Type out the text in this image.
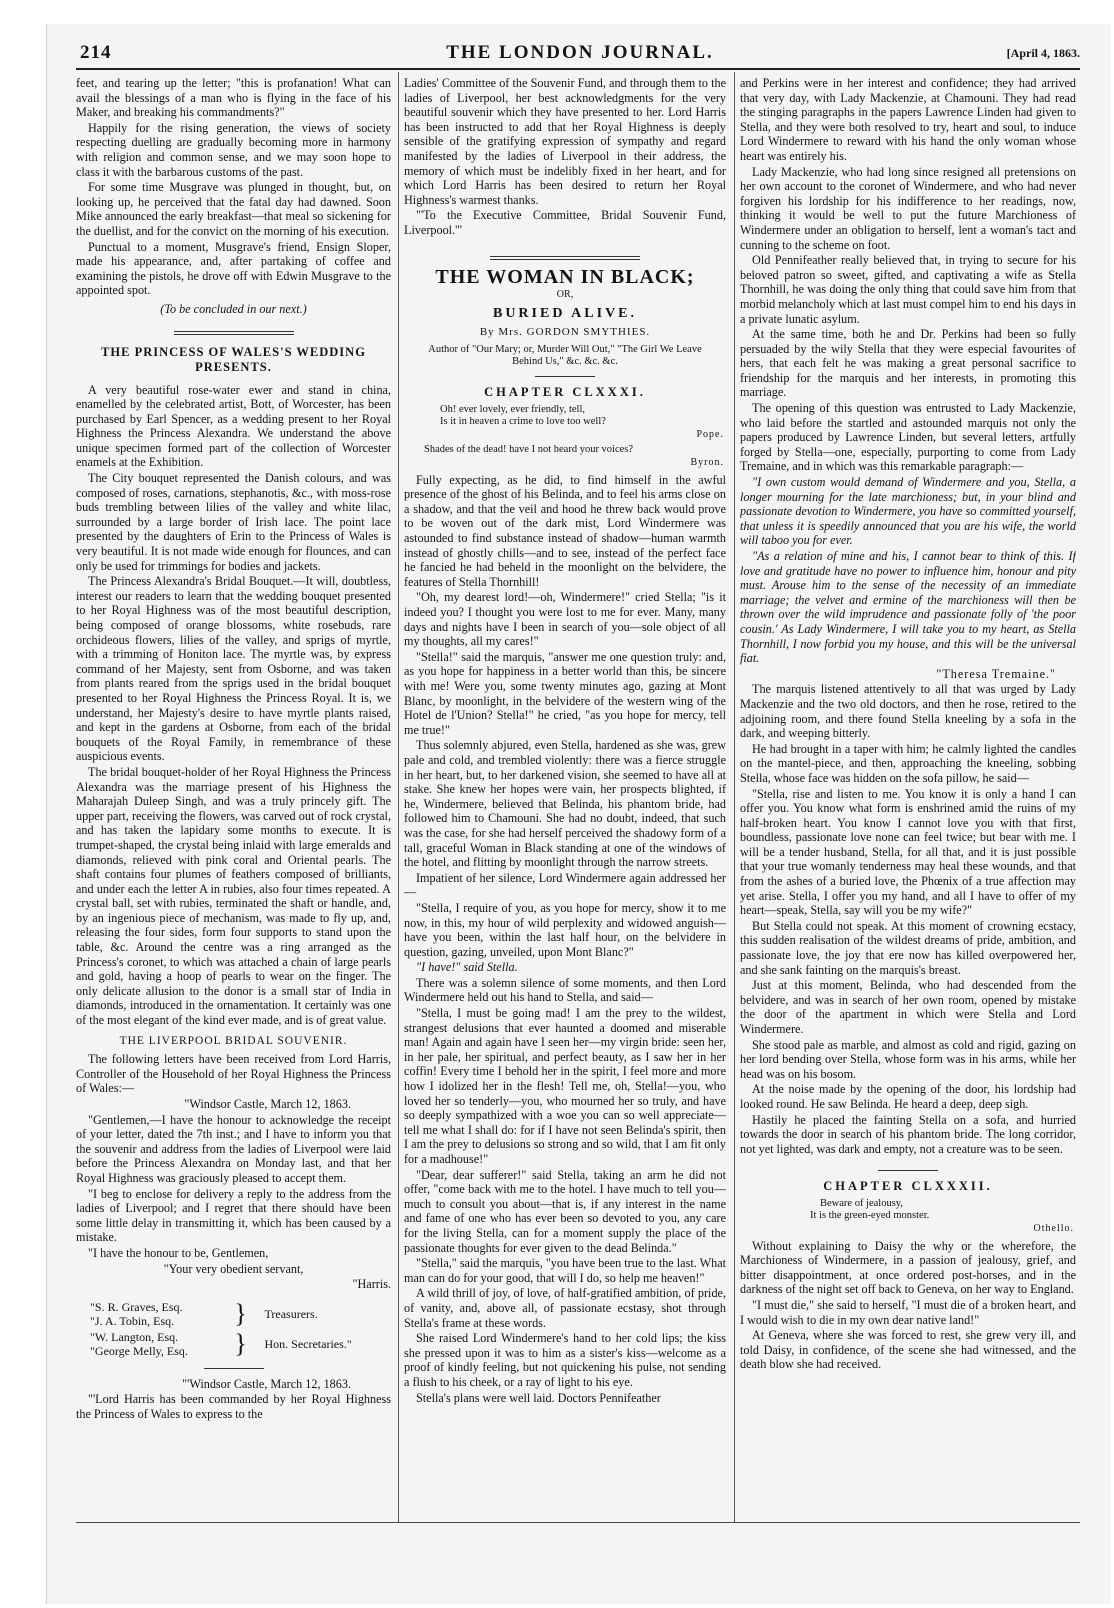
214	THE LONDON JOURNAL.	[April 4, 1863.

feet, and tearing up the letter; "this is profanation! What can avail the blessings of a man who is flying in the face of his Maker, and breaking his commandments?"

Happily for the rising generation, the views of society respecting duelling are gradually becoming more in harmony with religion and common sense, and we may soon hope to class it with the barbarous customs of the past.

For some time Musgrave was plunged in thought, but, on looking up, he perceived that the fatal day had dawned. Soon Mike announced the early breakfast—that meal so sickening for the duellist, and for the convict on the morning of his execution.

Punctual to a moment, Musgrave's friend, Ensign Sloper, made his appearance, and, after partaking of coffee and examining the pistols, he drove off with Edwin Musgrave to the appointed spot.

(To be concluded in our next.)

THE PRINCESS OF WALES'S WEDDING PRESENTS.

A very beautiful rose-water ewer and stand in china, enamelled by the celebrated artist, Bott, of Worcester, has been purchased by Earl Spencer, as a wedding present to her Royal Highness the Princess Alexandra. We understand the above unique specimen formed part of the collection of Worcester enamels at the Exhibition.

The City bouquet represented the Danish colours, and was composed of roses, carnations, stephanotis, &c., with moss-rose buds trembling between lilies of the valley and white lilac, surrounded by a large border of Irish lace. The point lace presented by the daughters of Erin to the Princess of Wales is very beautiful. It is not made wide enough for flounces, and can only be used for trimmings for bodies and jackets.

The Princess Alexandra's Bridal Bouquet.—It will, doubtless, interest our readers to learn that the wedding bouquet presented to her Royal Highness was of the most beautiful description, being composed of orange blossoms, white rosebuds, rare orchideous flowers, lilies of the valley, and sprigs of myrtle, with a trimming of Honiton lace. The myrtle was, by express command of her Majesty, sent from Osborne, and was taken from plants reared from the sprigs used in the bridal bouquet presented to her Royal Highness the Princess Royal. It is, we understand, her Majesty's desire to have myrtle plants raised, and kept in the gardens at Osborne, from each of the bridal bouquets of the Royal Family, in remembrance of these auspicious events.

The bridal bouquet-holder of her Royal Highness the Princess Alexandra was the marriage present of his Highness the Maharajah Duleep Singh, and was a truly princely gift. The upper part, receiving the flowers, was carved out of rock crystal, and has taken the lapidary some months to execute. It is trumpet-shaped, the crystal being inlaid with large emeralds and diamonds, relieved with pink coral and Oriental pearls. The shaft contains four plumes of feathers composed of brilliants, and under each the letter A in rubies, also four times repeated. A crystal ball, set with rubies, terminated the shaft or handle, and, by an ingenious piece of mechanism, was made to fly up, and, releasing the four sides, form four supports to stand upon the table, &c. Around the centre was a ring arranged as the Princess's coronet, to which was attached a chain of large pearls and gold, having a hoop of pearls to wear on the finger. The only delicate allusion to the donor is a small star of India in diamonds, introduced in the ornamentation. It certainly was one of the most elegant of the kind ever made, and is of great value.

THE LIVERPOOL BRIDAL SOUVENIR.

The following letters have been received from Lord Harris, Controller of the Household of her Royal Highness the Princess of Wales:—

"Windsor Castle, March 12, 1863.

"Gentlemen,—I have the honour to acknowledge the receipt of your letter, dated the 7th inst.; and I have to inform you that the souvenir and address from the ladies of Liverpool were laid before the Princess Alexandra on Monday last, and that her Royal Highness was graciously pleased to accept them.

"I beg to enclose for delivery a reply to the address from the ladies of Liverpool; and I regret that there should have been some little delay in transmitting it, which has been caused by a mistake.

"I have the honour to be, Gentlemen,

"Your very obedient servant,

"Harris.

"S. R. Graves, Esq.
"J. A. Tobin, Esq.	}	Treasurers.

"W. Langton, Esq.
"George Melly, Esq.	}	Hon. Secretaries."

"'Windsor Castle, March 12, 1863.

"'Lord Harris has been commanded by her Royal Highness the Princess of Wales to express to the

Ladies' Committee of the Souvenir Fund, and through them to the ladies of Liverpool, her best acknowledgments for the very beautiful souvenir which they have presented to her. Lord Harris has been instructed to add that her Royal Highness is deeply sensible of the gratifying expression of sympathy and regard manifested by the ladies of Liverpool in their address, the memory of which must be indelibly fixed in her heart, and for which Lord Harris has been desired to return her Royal Highness's warmest thanks.

"'To the Executive Committee, Bridal Souvenir Fund, Liverpool.'"

THE WOMAN IN BLACK;
OR,
BURIED ALIVE.
By Mrs. GORDON SMYTHIES.
Author of "Our Mary; or, Murder Will Out," "The Girl We Leave Behind Us," &c. &c. &c.
CHAPTER CLXXXI.
Oh! ever lovely, ever friendly, tell,
Is it in heaven a crime to love too well?
Pope.
Shades of the dead! have I not heard your voices?
Byron.

Fully expecting, as he did, to find himself in the awful presence of the ghost of his Belinda, and to feel his arms close on a shadow, and that the veil and hood he threw back would prove to be woven out of the dark mist, Lord Windermere was astounded to find substance instead of shadow—human warmth instead of ghostly chills—and to see, instead of the perfect face he fancied he had beheld in the moonlight on the belvidere, the features of Stella Thornhill!

"Oh, my dearest lord!—oh, Windermere!" cried Stella; "is it indeed you? I thought you were lost to me for ever. Many, many days and nights have I been in search of you—sole object of all my thoughts, all my cares!"

"Stella!" said the marquis, "answer me one question truly: and, as you hope for happiness in a better world than this, be sincere with me! Were you, some twenty minutes ago, gazing at Mont Blanc, by moonlight, in the belvidere of the western wing of the Hotel de l'Union? Stella!" he cried, "as you hope for mercy, tell me true!"

Thus solemnly abjured, even Stella, hardened as she was, grew pale and cold, and trembled violently: there was a fierce struggle in her heart, but, to her darkened vision, she seemed to have all at stake. She knew her hopes were vain, her prospects blighted, if he, Windermere, believed that Belinda, his phantom bride, had followed him to Chamouni. She had no doubt, indeed, that such was the case, for she had herself perceived the shadowy form of a tall, graceful Woman in Black standing at one of the windows of the hotel, and flitting by moonlight through the narrow streets.

Impatient of her silence, Lord Windermere again addressed her—

"Stella, I require of you, as you hope for mercy, show it to me now, in this, my hour of wild perplexity and widowed anguish—have you been, within the last half hour, on the belvidere in question, gazing, unveiled, upon Mont Blanc?"

"I have!" said Stella.

There was a solemn silence of some moments, and then Lord Windermere held out his hand to Stella, and said—

"Stella, I must be going mad! I am the prey to the wildest, strangest delusions that ever haunted a doomed and miserable man! Again and again have I seen her—my virgin bride: seen her, in her pale, her spiritual, and perfect beauty, as I saw her in her coffin! Every time I behold her in the spirit, I feel more and more how I idolized her in the flesh! Tell me, oh, Stella!—you, who loved her so tenderly—you, who mourned her so truly, and have so deeply sympathized with a woe you can so well appreciate—tell me what I shall do: for if I have not seen Belinda's spirit, then I am the prey to delusions so strong and so wild, that I am fit only for a madhouse!"

"Dear, dear sufferer!" said Stella, taking an arm he did not offer, "come back with me to the hotel. I have much to tell you—much to consult you about—that is, if any interest in the name and fame of one who has ever been so devoted to you, any care for the living Stella, can for a moment supply the place of the passionate thoughts for ever given to the dead Belinda."

"Stella," said the marquis, "you have been true to the last. What man can do for your good, that will I do, so help me heaven!"

A wild thrill of joy, of love, of half-gratified ambition, of pride, of vanity, and, above all, of passionate ecstasy, shot through Stella's frame at these words.

She raised Lord Windermere's hand to her cold lips; the kiss she pressed upon it was to him as a sister's kiss—welcome as a proof of kindly feeling, but not quickening his pulse, not sending a flush to his cheek, or a ray of light to his eye.

Stella's plans were well laid. Doctors Pennifeather

and Perkins were in her interest and confidence; they had arrived that very day, with Lady Mackenzie, at Chamouni. They had read the stinging paragraphs in the papers Lawrence Linden had given to Stella, and they were both resolved to try, heart and soul, to induce Lord Windermere to reward with his hand the only woman whose heart was entirely his.

Lady Mackenzie, who had long since resigned all pretensions on her own account to the coronet of Windermere, and who had never forgiven his lordship for his indifference to her readings, now, thinking it would be well to put the future Marchioness of Windermere under an obligation to herself, lent a woman's tact and cunning to the scheme on foot.

Old Pennifeather really believed that, in trying to secure for his beloved patron so sweet, gifted, and captivating a wife as Stella Thornhill, he was doing the only thing that could save him from that morbid melancholy which at last must compel him to end his days in a private lunatic asylum.

At the same time, both he and Dr. Perkins had been so fully persuaded by the wily Stella that they were especial favourites of hers, that each felt he was making a great personal sacrifice to friendship for the marquis and her interests, in promoting this marriage.

The opening of this question was entrusted to Lady Mackenzie, who laid before the startled and astounded marquis not only the papers produced by Lawrence Linden, but several letters, artfully forged by Stella—one, especially, purporting to come from Lady Tremaine, and in which was this remarkable paragraph:—

"I own custom would demand of Windermere and you, Stella, a longer mourning for the late marchioness; but, in your blind and passionate devotion to Windermere, you have so committed yourself, that unless it is speedily announced that you are his wife, the world will taboo you for ever.

"As a relation of mine and his, I cannot bear to think of this. If love and gratitude have no power to influence him, honour and pity must. Arouse him to the sense of the necessity of an immediate marriage; the velvet and ermine of the marchioness will then be thrown over the wild imprudence and passionate folly of 'the poor cousin.' As Lady Windermere, I will take you to my heart, as Stella Thornhill, I now forbid you my house, and this will be the universal fiat.

"Theresa Tremaine."

The marquis listened attentively to all that was urged by Lady Mackenzie and the two old doctors, and then he rose, retired to the adjoining room, and there found Stella kneeling by a sofa in the dark, and weeping bitterly.

He had brought in a taper with him; he calmly lighted the candles on the mantel-piece, and then, approaching the kneeling, sobbing Stella, whose face was hidden on the sofa pillow, he said—

"Stella, rise and listen to me. You know it is only a hand I can offer you. You know what form is enshrined amid the ruins of my half-broken heart. You know I cannot love you with that first, boundless, passionate love none can feel twice; but bear with me. I will be a tender husband, Stella, for all that, and it is just possible that your true womanly tenderness may heal these wounds, and that from the ashes of a buried love, the Phœnix of a true affection may yet arise. Stella, I offer you my hand, and all I have to offer of my heart—speak, Stella, say will you be my wife?"

But Stella could not speak. At this moment of crowning ecstacy, this sudden realisation of the wildest dreams of pride, ambition, and passionate love, the joy that ere now has killed overpowered her, and she sank fainting on the marquis's breast.

Just at this moment, Belinda, who had descended from the belvidere, and was in search of her own room, opened by mistake the door of the apartment in which were Stella and Lord Windermere.

She stood pale as marble, and almost as cold and rigid, gazing on her lord bending over Stella, whose form was in his arms, while her head was on his bosom.

At the noise made by the opening of the door, his lordship had looked round. He saw Belinda. He heard a deep, deep sigh.

Hastily he placed the fainting Stella on a sofa, and hurried towards the door in search of his phantom bride. The long corridor, not yet lighted, was dark and empty, not a creature was to be seen.

CHAPTER CLXXXII.
Beware of jealousy,
It is the green-eyed monster.
Othello.

Without explaining to Daisy the why or the wherefore, the Marchioness of Windermere, in a passion of jealousy, grief, and bitter disappointment, at once ordered post-horses, and in the darkness of the night set off back to Geneva, on her way to England.

"I must die," she said to herself, "I must die of a broken heart, and I would wish to die in my own dear native land!"

At Geneva, where she was forced to rest, she grew very ill, and told Daisy, in confidence, of the scene she had witnessed, and the death blow she had received.
